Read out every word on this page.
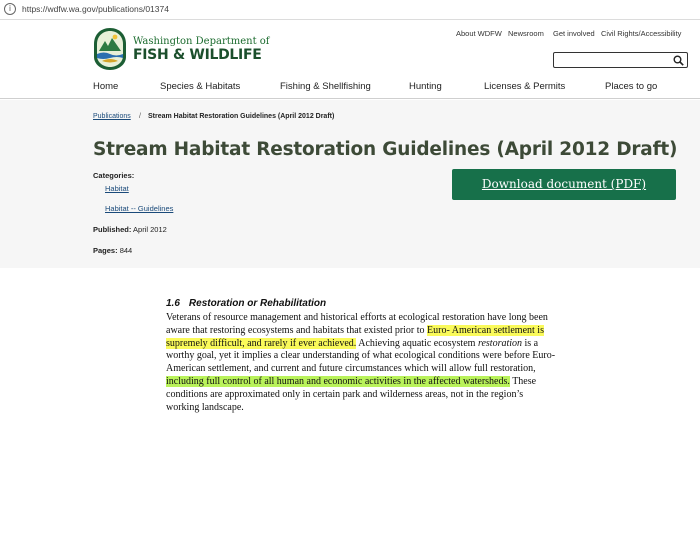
i	https://wdfw.wa.gov/publications/01374
Washington Department of
FISH & WILDLIFE
About WDFW Newsroom Get involved Civil Rights/Accessibility
Home	Species & Habitats	Fishing & Shellfishing	Hunting	Licenses & Permits	Places to go
Publications / Stream Habitat Restoration Guidelines (April 2012 Draft)
Stream Habitat Restoration Guidelines (April 2012 Draft)
Categories:
Habitat
Habitat -- Guidelines
Published: April 2012
Pages: 844
Download document (PDF)
1.6 Restoration or Rehabilitation
Veterans of resource management and historical efforts at ecological restoration have long been
aware that restoring ecosystems and habitats that existed prior to Euro- American settlement is
supremely difficult, and rarely if ever achieved. Achieving aquatic ecosystem restoration is a
worthy goal, yet it implies a clear understanding of what ecological conditions were before Euro-
American settlement, and current and future circumstances which will allow full restoration,
including full control of all human and economic activities in the affected watersheds. These
conditions are approximated only in certain park and wilderness areas, not in the region’s
working landscape.
